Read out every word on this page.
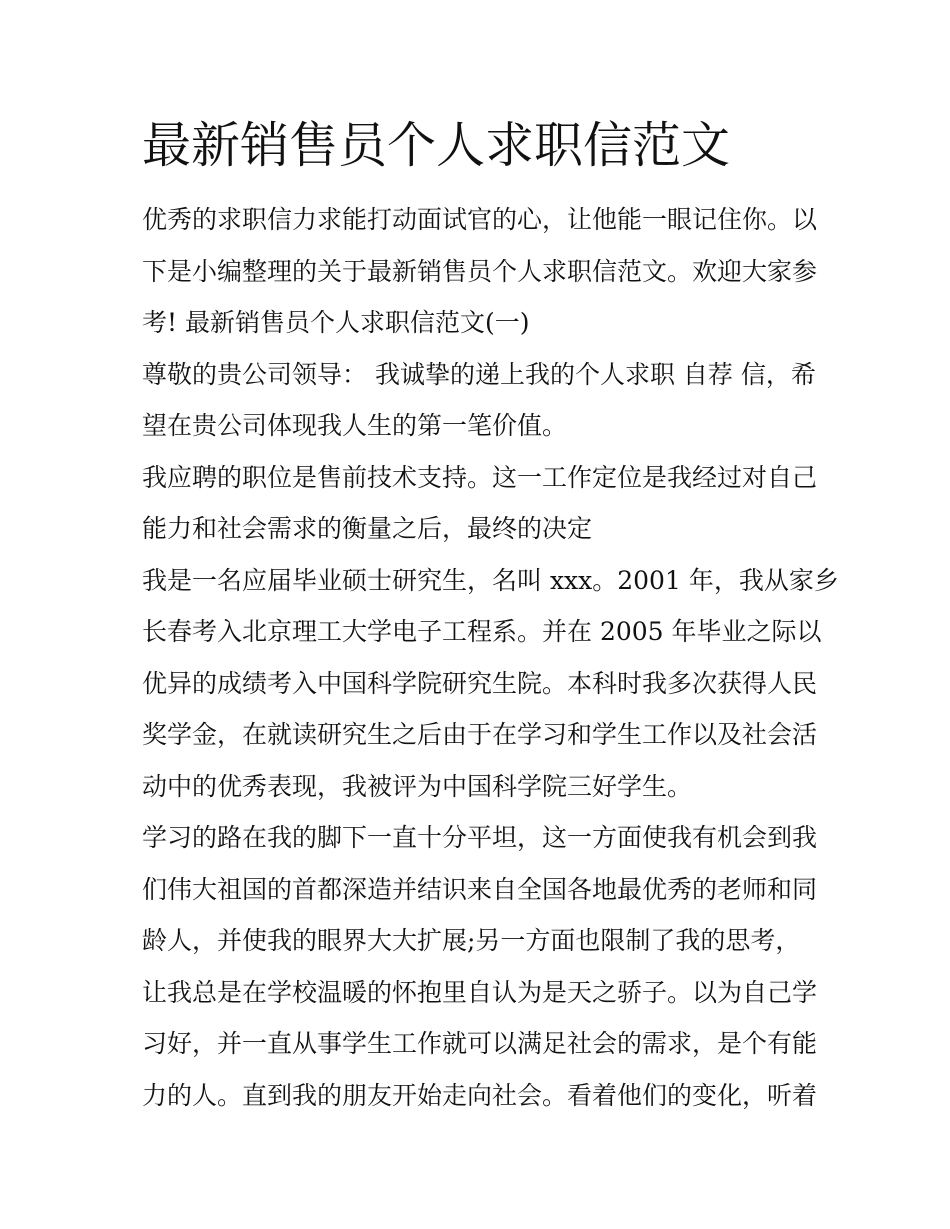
最新销售员个人求职信范文

优秀的求职信力求能打动面试官的心，让他能一眼记住你。以

下是小编整理的关于最新销售员个人求职信范文。欢迎大家参

考! 最新销售员个人求职信范文(一)

尊敬的贵公司领导： 我诚挚的递上我的个人求职 自荐 信，希

望在贵公司体现我人生的第一笔价值。

我应聘的职位是售前技术支持。这一工作定位是我经过对自己

能力和社会需求的衡量之后，最终的决定

我是一名应届毕业硕士研究生，名叫 xxx。2001 年，我从家乡

长春考入北京理工大学电子工程系。并在 2005 年毕业之际以

优异的成绩考入中国科学院研究生院。本科时我多次获得人民

奖学金，在就读研究生之后由于在学习和学生工作以及社会活

动中的优秀表现，我被评为中国科学院三好学生。

学习的路在我的脚下一直十分平坦，这一方面使我有机会到我

们伟大祖国的首都深造并结识来自全国各地最优秀的老师和同

龄人，并使我的眼界大大扩展;另一方面也限制了我的思考，

让我总是在学校温暖的怀抱里自认为是天之骄子。以为自己学

习好，并一直从事学生工作就可以满足社会的需求，是个有能

力的人。直到我的朋友开始走向社会。看着他们的变化，听着
